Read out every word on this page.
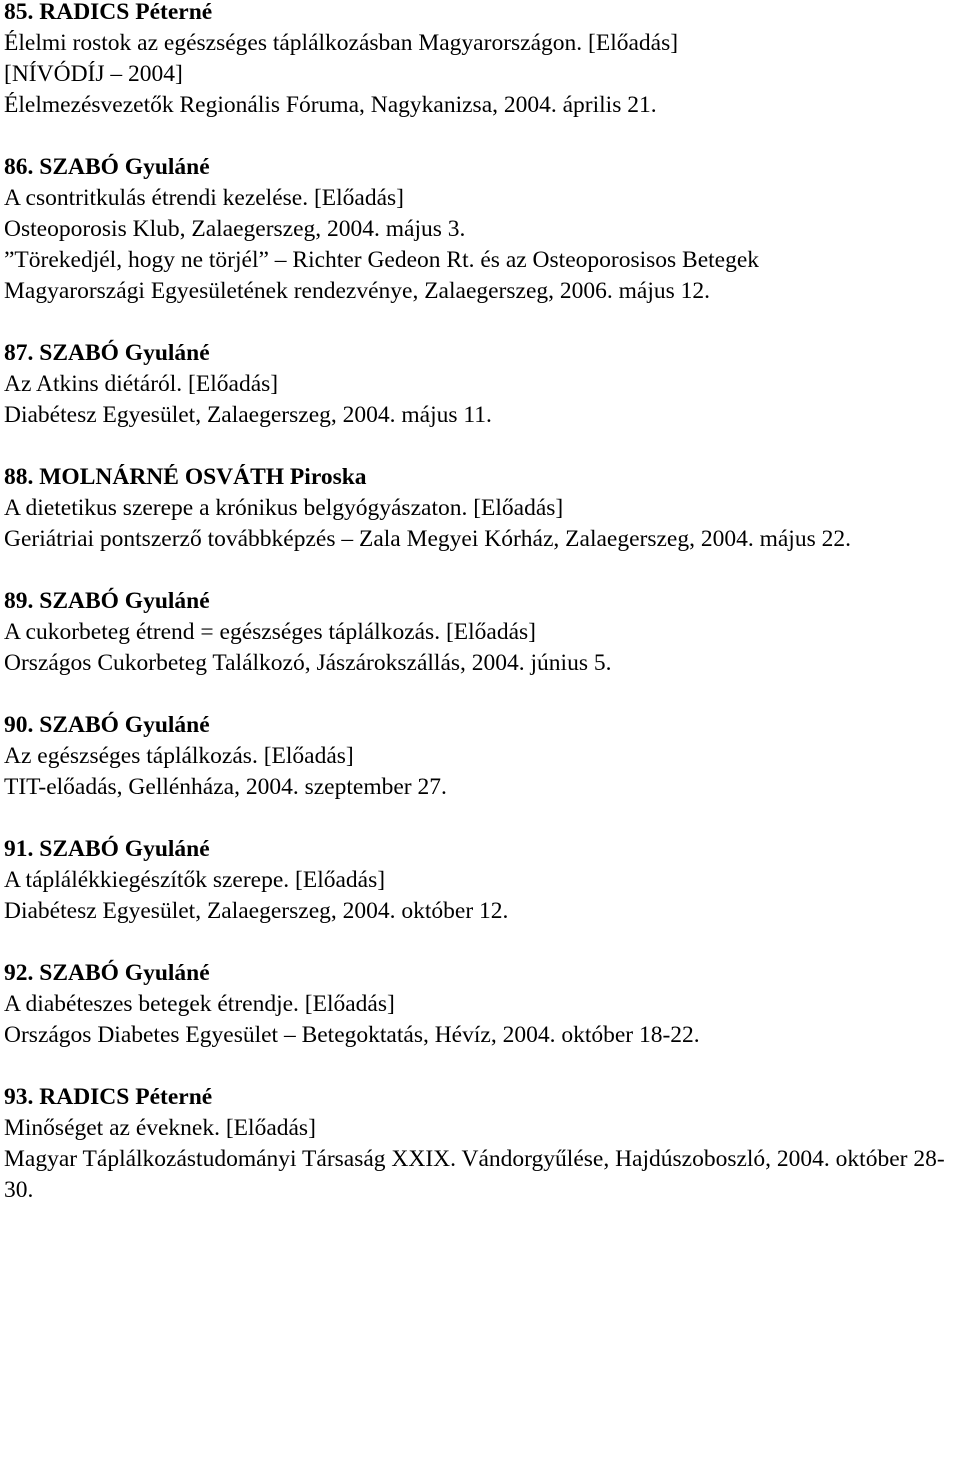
85. RADICS Péterné
Élelmi rostok az egészséges táplálkozásban Magyarországon. [Előadás]
[NÍVÓDÍJ – 2004]
Élelmezésvezetők Regionális Fóruma, Nagykanizsa, 2004. április 21.
86. SZABÓ Gyuláné
A csontritkulás étrendi kezelése. [Előadás]
Osteoporosis Klub, Zalaegerszeg, 2004. május 3.
”Törekedjél, hogy ne törjél” – Richter Gedeon Rt. és az Osteoporosisos Betegek
Magyarországi Egyesületének rendezvénye, Zalaegerszeg, 2006. május 12.
87. SZABÓ Gyuláné
Az Atkins diétáról. [Előadás]
Diabétesz Egyesület, Zalaegerszeg, 2004. május 11.
88. MOLNÁRNÉ OSVÁTH Piroska
A dietetikus szerepe a krónikus belgyógyászaton. [Előadás]
Geriátriai pontszerző továbbképzés – Zala Megyei Kórház, Zalaegerszeg, 2004. május 22.
89. SZABÓ Gyuláné
A cukorbeteg étrend = egészséges táplálkozás. [Előadás]
Országos Cukorbeteg Találkozó, Jászárokszállás, 2004. június 5.
90. SZABÓ Gyuláné
Az egészséges táplálkozás. [Előadás]
TIT-előadás, Gellénháza, 2004. szeptember 27.
91. SZABÓ Gyuláné
A táplálékkiegészítők szerepe. [Előadás]
Diabétesz Egyesület, Zalaegerszeg, 2004. október 12.
92. SZABÓ Gyuláné
A diabéteszes betegek étrendje. [Előadás]
Országos Diabetes Egyesület – Betegoktatás, Hévíz, 2004. október 18-22.
93. RADICS Péterné
Minőséget az éveknek. [Előadás]
Magyar Táplálkozástudományi Társaság XXIX. Vándorgyűlése, Hajdúszoboszló, 2004. október 28-30.
